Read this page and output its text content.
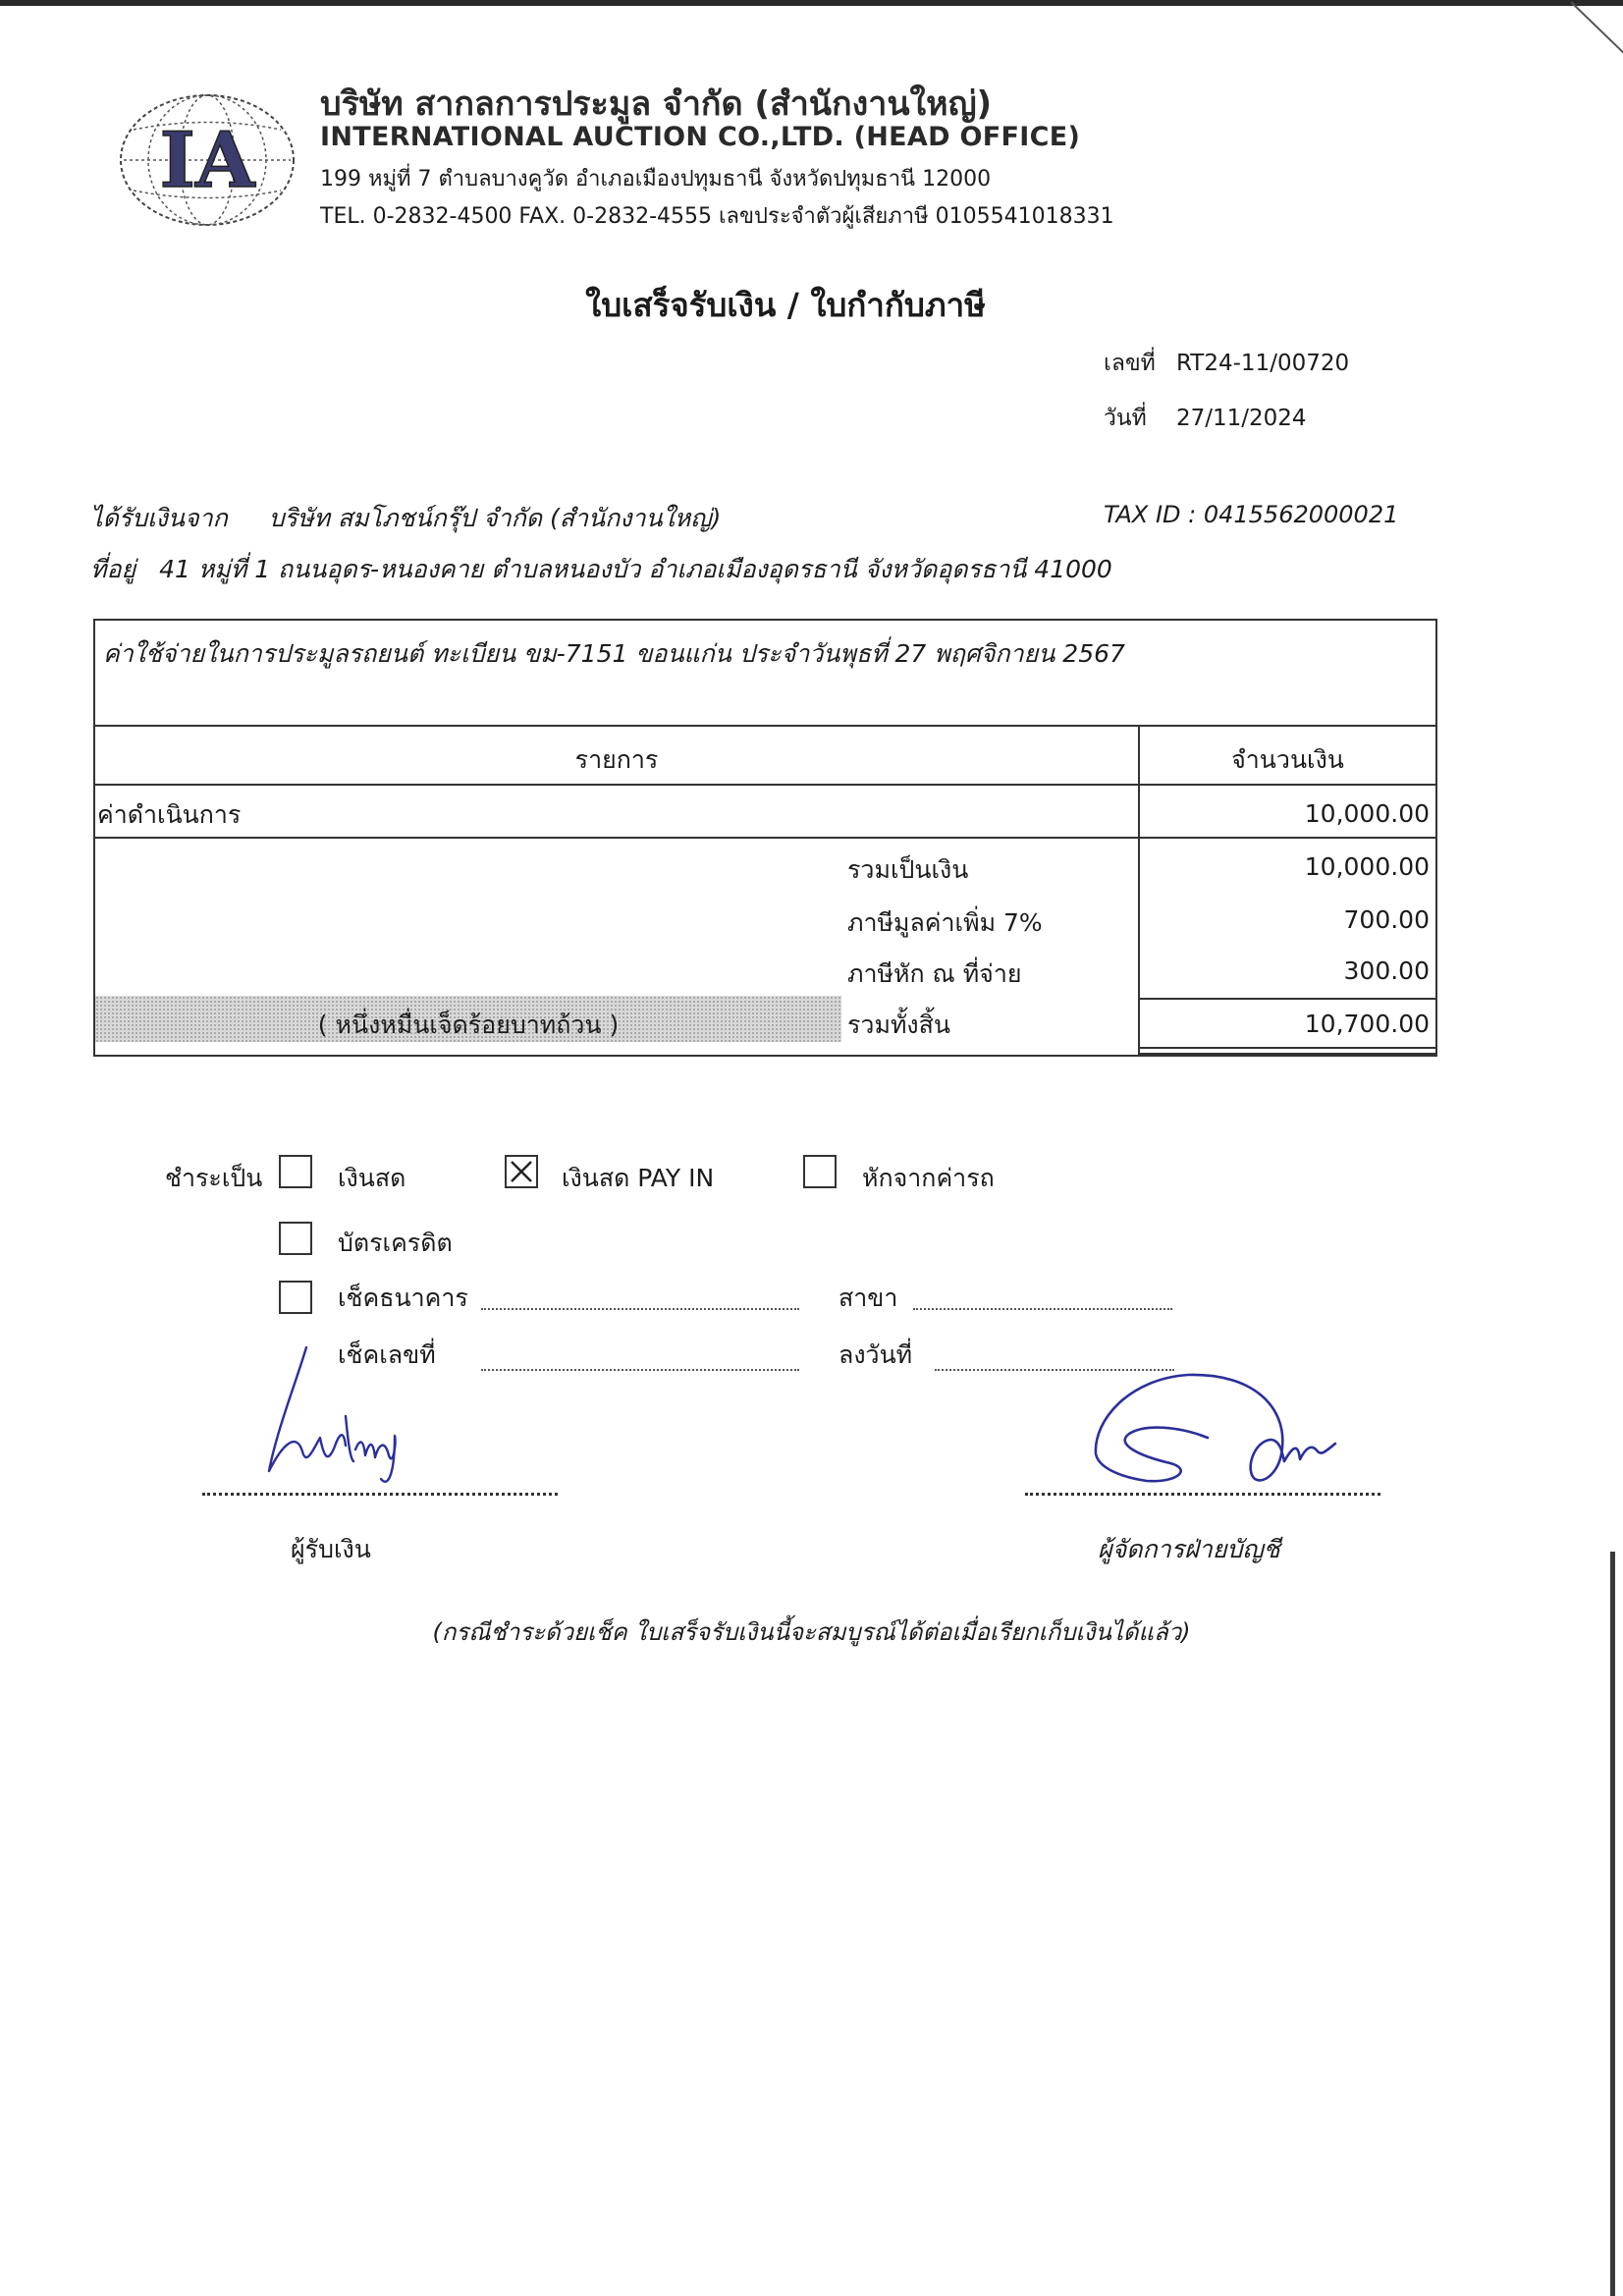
IA
บริษัท สากลการประมูล จำกัด (สำนักงานใหญ่)
INTERNATIONAL AUCTION CO.,LTD. (HEAD OFFICE)
199 หมู่ที่ 7 ตำบลบางคูวัด อำเภอเมืองปทุมธานี จังหวัดปทุมธานี 12000
TEL. 0-2832-4500 FAX. 0-2832-4555 เลขประจำตัวผู้เสียภาษี 0105541018331
ใบเสร็จรับเงิน / ใบกำกับภาษี
เลขที่ RT24-11/00720
วันที่ 27/11/2024
ได้รับเงินจาก บริษัท สมโภชน์กรุ๊ป จำกัด (สำนักงานใหญ่)	TAX ID : 0415562000021
ที่อยู่ 41 หมู่ที่ 1 ถนนอุดร-หนองคาย ตำบลหนองบัว อำเภอเมืองอุดรธานี จังหวัดอุดรธานี 41000
ค่าใช้จ่ายในการประมูลรถยนต์ ทะเบียน ขม-7151 ขอนแก่น ประจำวันพุธที่ 27 พฤศจิกายน 2567
รายการ	จำนวนเงิน
ค่าดำเนินการ	10,000.00
รวมเป็นเงิน	10,000.00
ภาษีมูลค่าเพิ่ม 7%	700.00
ภาษีหัก ณ ที่จ่าย	300.00
( หนึ่งหมื่นเจ็ดร้อยบาทถ้วน )	รวมทั้งสิ้น	10,700.00
ชำระเป็น	เงินสด	เงินสด PAY IN	หักจากค่ารถ
บัตรเครดิต
เช็คธนาคาร	สาขา
เช็คเลขที่	ลงวันที่
ผู้รับเงิน	ผู้จัดการฝ่ายบัญชี
(กรณีชำระด้วยเช็ค ใบเสร็จรับเงินนี้จะสมบูรณ์ได้ต่อเมื่อเรียกเก็บเงินได้แล้ว)
